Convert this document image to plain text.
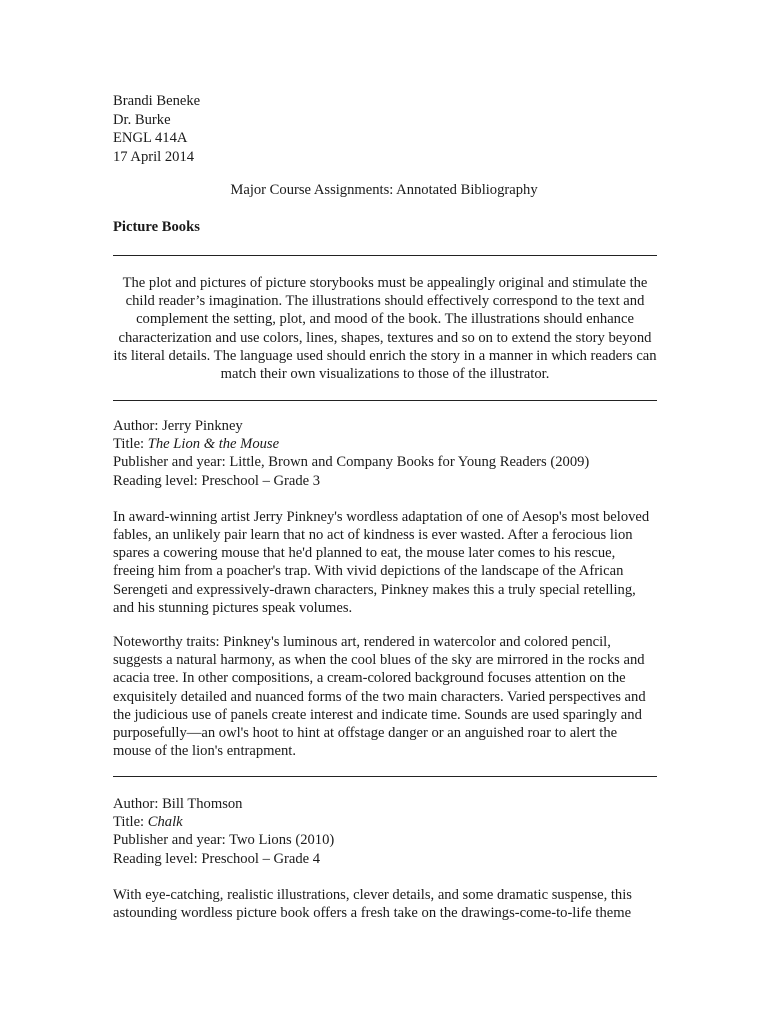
Brandi Beneke
Dr. Burke
ENGL 414A
17 April 2014
Major Course Assignments: Annotated Bibliography
Picture Books
The plot and pictures of picture storybooks must be appealingly original and stimulate the child reader’s imagination. The illustrations should effectively correspond to the text and complement the setting, plot, and mood of the book. The illustrations should enhance characterization and use colors, lines, shapes, textures and so on to extend the story beyond its literal details. The language used should enrich the story in a manner in which readers can match their own visualizations to those of the illustrator.
Author: Jerry Pinkney
Title: The Lion & the Mouse
Publisher and year: Little, Brown and Company Books for Young Readers (2009)
Reading level: Preschool – Grade 3
In award-winning artist Jerry Pinkney's wordless adaptation of one of Aesop's most beloved fables, an unlikely pair learn that no act of kindness is ever wasted. After a ferocious lion spares a cowering mouse that he'd planned to eat, the mouse later comes to his rescue, freeing him from a poacher's trap. With vivid depictions of the landscape of the African Serengeti and expressively-drawn characters, Pinkney makes this a truly special retelling, and his stunning pictures speak volumes.
Noteworthy traits: Pinkney's luminous art, rendered in watercolor and colored pencil, suggests a natural harmony, as when the cool blues of the sky are mirrored in the rocks and acacia tree. In other compositions, a cream-colored background focuses attention on the exquisitely detailed and nuanced forms of the two main characters. Varied perspectives and the judicious use of panels create interest and indicate time. Sounds are used sparingly and purposefully—an owl's hoot to hint at offstage danger or an anguished roar to alert the mouse of the lion's entrapment.
Author: Bill Thomson
Title: Chalk
Publisher and year: Two Lions (2010)
Reading level: Preschool – Grade 4
With eye-catching, realistic illustrations, clever details, and some dramatic suspense, this astounding wordless picture book offers a fresh take on the drawings-come-to-life theme
